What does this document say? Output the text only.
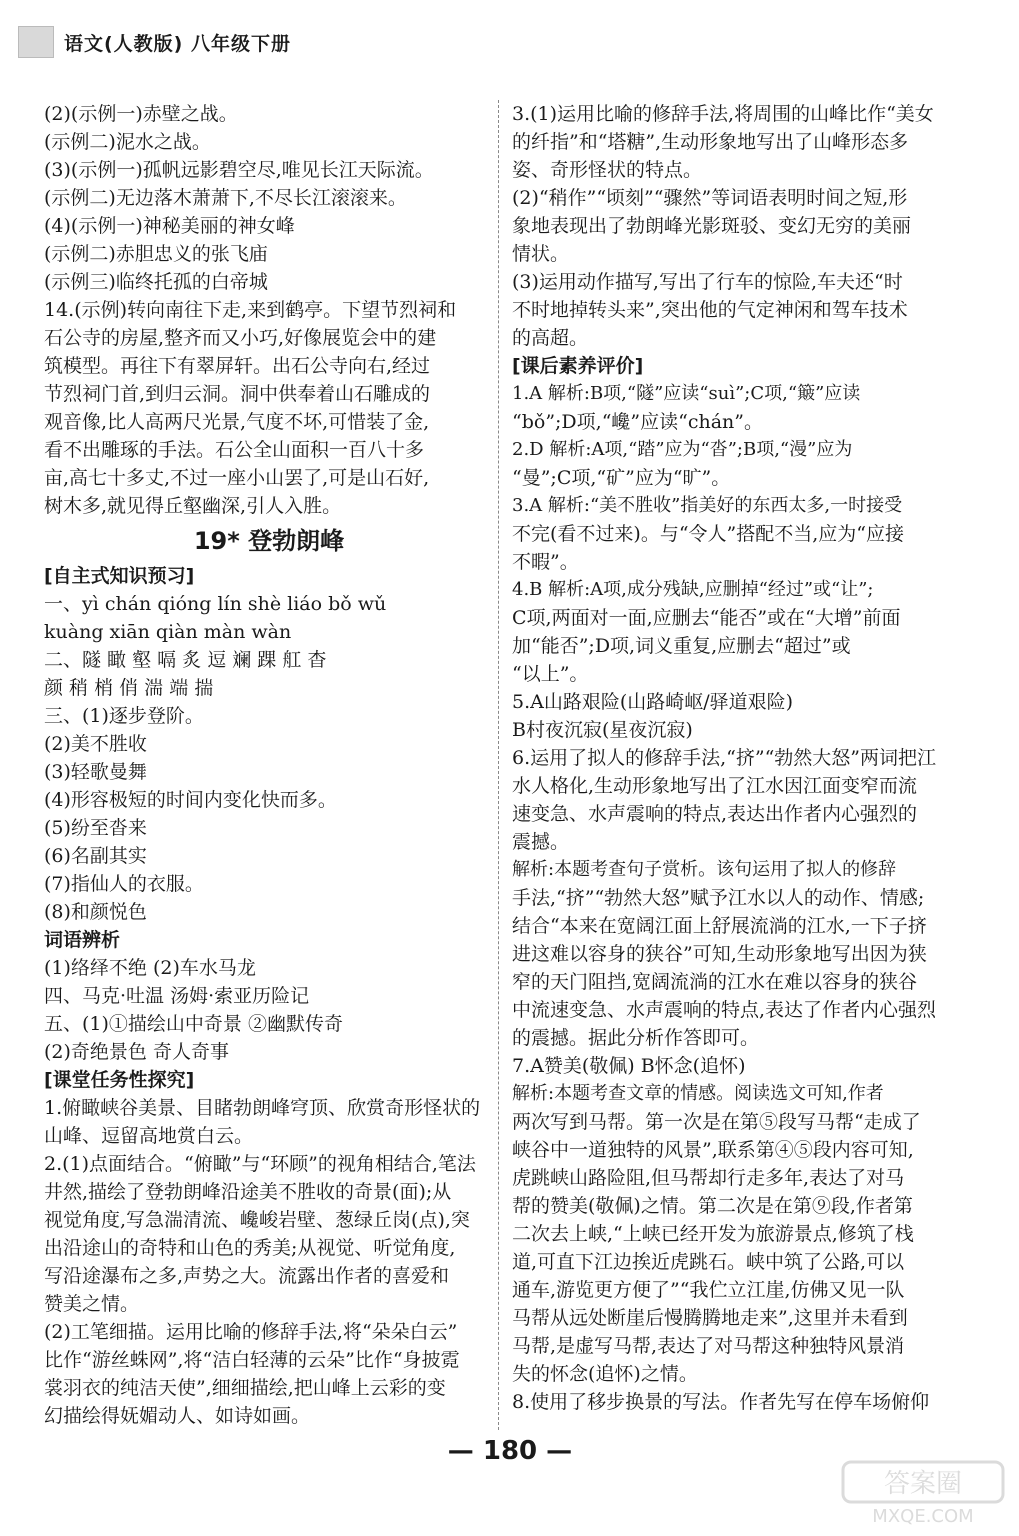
语文(人教版) 八年级下册
(2)(示例一)赤壁之战。
(示例二)泥水之战。
(3)(示例一)孤帆远影碧空尽,唯见长江天际流。
(示例二)无边落木萧萧下,不尽长江滚滚来。
(4)(示例一)神秘美丽的神女峰
(示例二)赤胆忠义的张飞庙
(示例三)临终托孤的白帝城
14.(示例)转向南往下走,来到鹤亭。下望节烈祠和
石公寺的房屋,整齐而又小巧,好像展览会中的建
筑模型。再往下有翠屏轩。出石公寺向右,经过
节烈祠门首,到归云洞。洞中供奉着山石雕成的
观音像,比人高两尺光景,气度不坏,可惜装了金,
看不出雕琢的手法。石公全山面积一百八十多
亩,高七十多丈,不过一座小山罢了,可是山石好,
树木多,就见得丘壑幽深,引人入胜。
19* 登勃朗峰
[自主式知识预习]
一、yì chán qióng lín shè liáo bǒ wǔ
kuàng xiān qiàn màn wàn
二、隧 瞰 壑 嗝 炙 逗 斓 踝 舡 杳
颜 稍 梢 俏 湍 端 揣
三、(1)逐步登阶。
(2)美不胜收
(3)轻歌曼舞
(4)形容极短的时间内变化快而多。
(5)纷至沓来
(6)名副其实
(7)指仙人的衣服。
(8)和颜悦色
词语辨析
(1)络绎不绝 (2)车水马龙
四、马克·吐温 汤姆·索亚历险记
五、(1)①描绘山中奇景 ②幽默传奇
(2)奇绝景色 奇人奇事
[课堂任务性探究]
1.俯瞰峡谷美景、目睹勃朗峰穹顶、欣赏奇形怪状的
山峰、逗留高地赏白云。
2.(1)点面结合。“俯瞰”与“环顾”的视角相结合,笔法
井然,描绘了登勃朗峰沿途美不胜收的奇景(面);从
视觉角度,写急湍清流、巉峻岩壁、葱绿丘岗(点),突
出沿途山的奇特和山色的秀美;从视觉、听觉角度,
写沿途瀑布之多,声势之大。流露出作者的喜爱和
赞美之情。
(2)工笔细描。运用比喻的修辞手法,将“朵朵白云”
比作“游丝蛛网”,将“洁白轻薄的云朵”比作“身披霓
裳羽衣的纯洁天使”,细细描绘,把山峰上云彩的变
幻描绘得妩媚动人、如诗如画。
3.(1)运用比喻的修辞手法,将周围的山峰比作“美女
的纤指”和“塔糖”,生动形象地写出了山峰形态多
姿、奇形怪状的特点。
(2)“稍作”“顷刻”“骤然”等词语表明时间之短,形
象地表现出了勃朗峰光影斑驳、变幻无穷的美丽
情状。
(3)运用动作描写,写出了行车的惊险,车夫还“时
不时地掉转头来”,突出他的气定神闲和驾车技术
的高超。
[课后素养评价]
1.A 解析:B项,“隧”应读“suì”;C项,“簸”应读
“bǒ”;D项,“巉”应读“chán”。
2.D 解析:A项,“踏”应为“沓”;B项,“漫”应为
“曼”;C项,“矿”应为“旷”。
3.A 解析:“美不胜收”指美好的东西太多,一时接受
不完(看不过来)。与“令人”搭配不当,应为“应接
不暇”。
4.B 解析:A项,成分残缺,应删掉“经过”或“让”;
C项,两面对一面,应删去“能否”或在“大增”前面
加“能否”;D项,词义重复,应删去“超过”或
“以上”。
5.A山路艰险(山路崎岖/驿道艰险)
B村夜沉寂(星夜沉寂)
6.运用了拟人的修辞手法,“挤”“勃然大怒”两词把江
水人格化,生动形象地写出了江水因江面变窄而流
速变急、水声震响的特点,表达出作者内心强烈的
震撼。
解析:本题考查句子赏析。该句运用了拟人的修辞
手法,“挤”“勃然大怒”赋予江水以人的动作、情感;
结合“本来在宽阔江面上舒展流淌的江水,一下子挤
进这难以容身的狭谷”可知,生动形象地写出因为狭
窄的天门阻挡,宽阔流淌的江水在难以容身的狭谷
中流速变急、水声震响的特点,表达了作者内心强烈
的震撼。据此分析作答即可。
7.A赞美(敬佩) B怀念(追怀)
解析:本题考查文章的情感。阅读选文可知,作者
两次写到马帮。第一次是在第⑤段写马帮“走成了
峡谷中一道独特的风景”,联系第④⑤段内容可知,
虎跳峡山路险阻,但马帮却行走多年,表达了对马
帮的赞美(敬佩)之情。第二次是在第⑨段,作者第
二次去上峡,“上峡已经开发为旅游景点,修筑了栈
道,可直下江边挨近虎跳石。峡中筑了公路,可以
通车,游览更方便了”“我伫立江崖,仿佛又见一队
马帮从远处断崖后慢腾腾地走来”,这里并未看到
马帮,是虚写马帮,表达了对马帮这种独特风景消
失的怀念(追怀)之情。
8.使用了移步换景的写法。作者先写在停车场俯仰
— 180 —
答案圈
MXQE.COM
